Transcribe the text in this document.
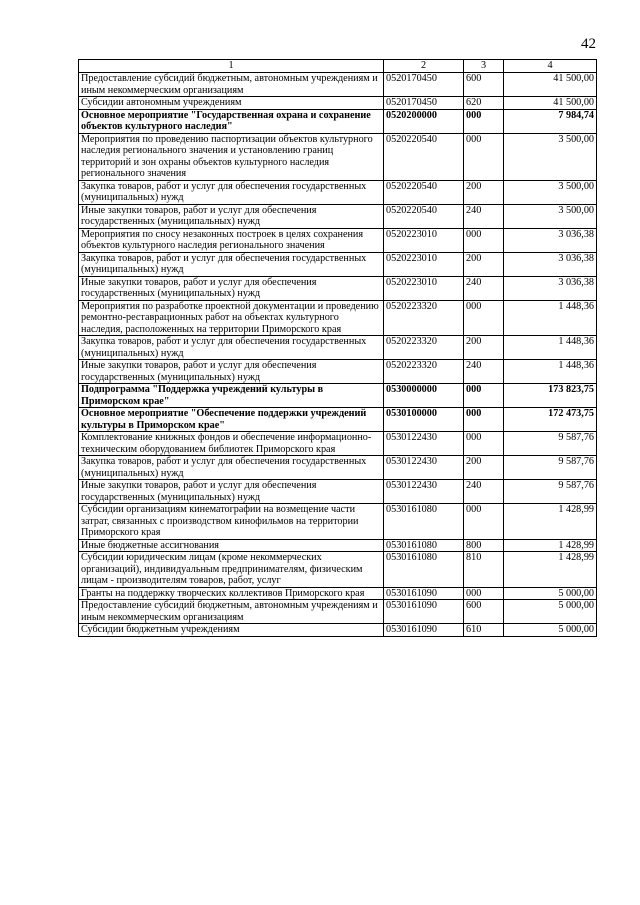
42
1	2	3	4
Предоставление субсидий бюджетным, автономным учреждениям и иным некоммерческим организациям	0520170450	600	41 500,00
Субсидии автономным учреждениям	0520170450	620	41 500,00
Основное мероприятие "Государственная охрана и сохранение объектов культурного наследия"	0520200000	000	7 984,74
Мероприятия по проведению паспортизации объектов культурного наследия регионального значения и установлению границ территорий и зон охраны объектов культурного наследия регионального значения	0520220540	000	3 500,00
Закупка товаров, работ и услуг для обеспечения государственных (муниципальных) нужд	0520220540	200	3 500,00
Иные закупки товаров, работ и услуг для обеспечения государственных (муниципальных) нужд	0520220540	240	3 500,00
Мероприятия по сносу незаконных построек в целях сохранения объектов культурного наследия регионального значения	0520223010	000	3 036,38
Закупка товаров, работ и услуг для обеспечения государственных (муниципальных) нужд	0520223010	200	3 036,38
Иные закупки товаров, работ и услуг для обеспечения государственных (муниципальных) нужд	0520223010	240	3 036,38
Мероприятия по разработке проектной документации и проведению ремонтно-реставрационных работ на объектах культурного наследия, расположенных на территории Приморского края	0520223320	000	1 448,36
Закупка товаров, работ и услуг для обеспечения государственных (муниципальных) нужд	0520223320	200	1 448,36
Иные закупки товаров, работ и услуг для обеспечения государственных (муниципальных) нужд	0520223320	240	1 448,36
Подпрограмма "Поддержка учреждений культуры в Приморском крае"	0530000000	000	173 823,75
Основное мероприятие "Обеспечение поддержки учреждений культуры в Приморском крае"	0530100000	000	172 473,75
Комплектование книжных фондов и обеспечение информационно-техническим оборудованием библиотек Приморского края	0530122430	000	9 587,76
Закупка товаров, работ и услуг для обеспечения государственных (муниципальных) нужд	0530122430	200	9 587,76
Иные закупки товаров, работ и услуг для обеспечения государственных (муниципальных) нужд	0530122430	240	9 587,76
Субсидии организациям кинематографии на возмещение части затрат, связанных с производством кинофильмов на территории Приморского края	0530161080	000	1 428,99
Иные бюджетные ассигнования	0530161080	800	1 428,99
Субсидии юридическим лицам (кроме некоммерческих организаций), индивидуальным предпринимателям, физическим лицам - производителям товаров, работ, услуг	0530161080	810	1 428,99
Гранты на поддержку творческих коллективов Приморского края	0530161090	000	5 000,00
Предоставление субсидий бюджетным, автономным учреждениям и иным некоммерческим организациям	0530161090	600	5 000,00
Субсидии бюджетным учреждениям	0530161090	610	5 000,00
